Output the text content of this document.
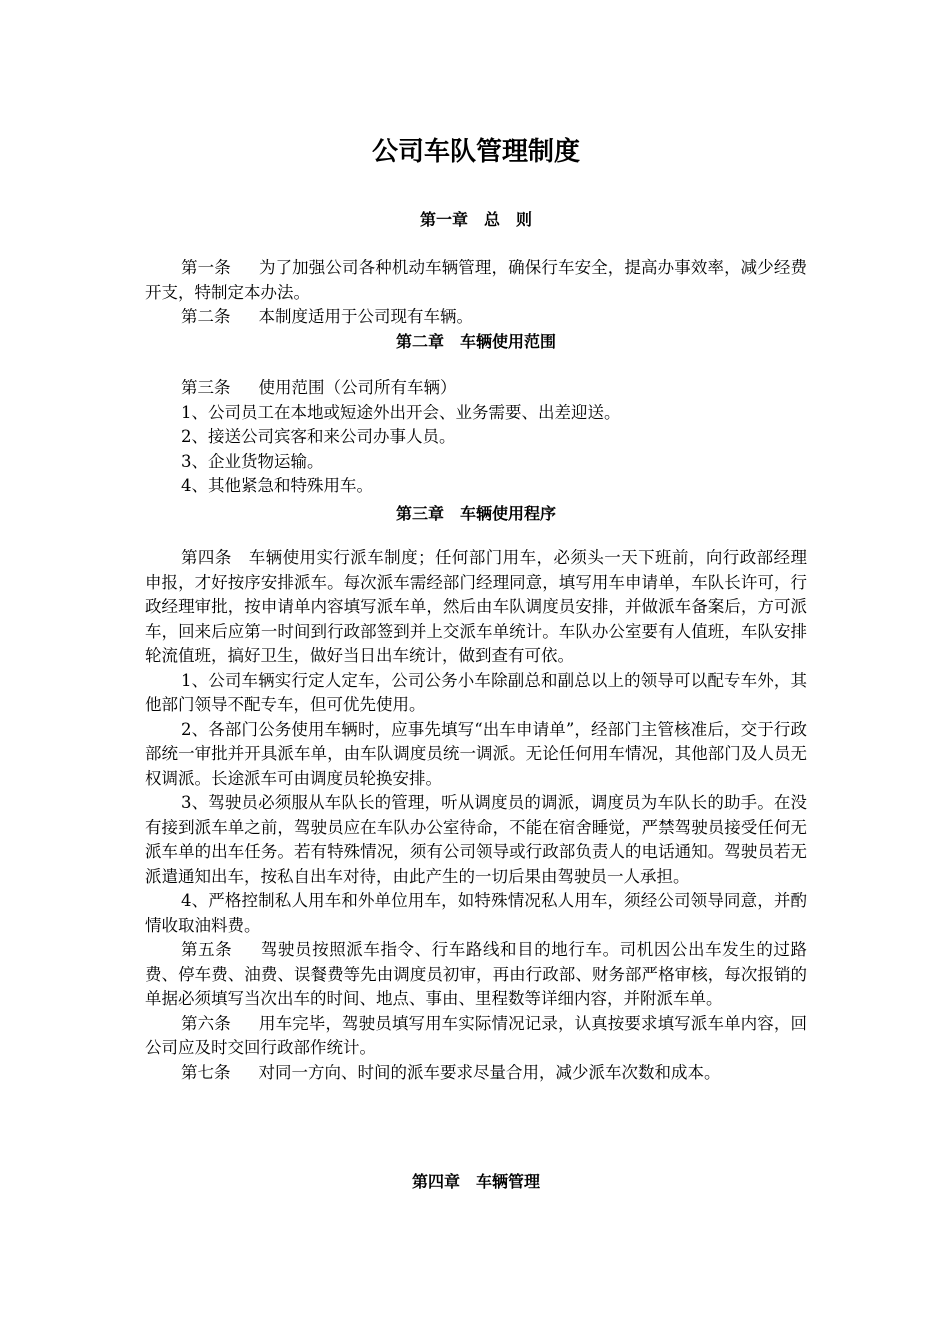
公司车队管理制度
第一章　总　则

第一条 为了加强公司各种机动车辆管理，确保行车安全，提高办事效率，减少经费开支，特制定本办法。

第二条 本制度适用于公司现有车辆。

第二章　车辆使用范围

第三条 使用范围（公司所有车辆）

1、公司员工在本地或短途外出开会、业务需要、出差迎送。

2、接送公司宾客和来公司办事人员。

3、企业货物运输。

4、其他紧急和特殊用车。

第三章　车辆使用程序

第四条　车辆使用实行派车制度；任何部门用车，必须头一天下班前，向行政部经理申报，才好按序安排派车。每次派车需经部门经理同意，填写用车申请单，车队长许可，行政经理审批，按申请单内容填写派车单，然后由车队调度员安排，并做派车备案后，方可派车，回来后应第一时间到行政部签到并上交派车单统计。车队办公室要有人值班，车队安排轮流值班，搞好卫生，做好当日出车统计，做到查有可依。

1、公司车辆实行定人定车，公司公务小车除副总和副总以上的领导可以配专车外，其他部门领导不配专车，但可优先使用。

2、各部门公务使用车辆时，应事先填写“出车申请单”，经部门主管核准后，交于行政部统一审批并开具派车单，由车队调度员统一调派。无论任何用车情况，其他部门及人员无权调派。长途派车可由调度员轮换安排。

3、驾驶员必须服从车队长的管理，听从调度员的调派，调度员为车队长的助手。在没有接到派车单之前，驾驶员应在车队办公室待命，不能在宿舍睡觉，严禁驾驶员接受任何无派车单的出车任务。若有特殊情况，须有公司领导或行政部负责人的电话通知。驾驶员若无派遣通知出车，按私自出车对待，由此产生的一切后果由驾驶员一人承担。

4、严格控制私人用车和外单位用车，如特殊情况私人用车，须经公司领导同意，并酌情收取油料费。

第五条 驾驶员按照派车指令、行车路线和目的地行车。司机因公出车发生的过路费、停车费、油费、误餐费等先由调度员初审，再由行政部、财务部严格审核，每次报销的单据必须填写当次出车的时间、地点、事由、里程数等详细内容，并附派车单。

第六条 用车完毕，驾驶员填写用车实际情况记录，认真按要求填写派车单内容，回公司应及时交回行政部作统计。

第七条 对同一方向、时间的派车要求尽量合用，减少派车次数和成本。

第四章　车辆管理
